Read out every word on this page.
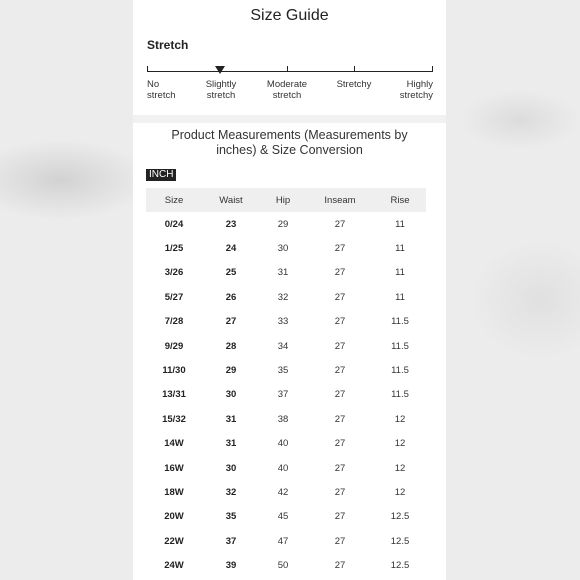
Size Guide
Stretch
No
stretch
Slightly
stretch
Moderate
stretch
Stretchy	Highly
stretchy
Product Measurements (Measurements by inches) & Size Conversion
INCH
Size	Waist	Hip	Inseam	Rise
0/24	23	29	27	11
1/25	24	30	27	11
3/26	25	31	27	11
5/27	26	32	27	11
7/28	27	33	27	11.5
9/29	28	34	27	11.5
11/30	29	35	27	11.5
13/31	30	37	27	11.5
15/32	31	38	27	12
14W	31	40	27	12
16W	30	40	27	12
18W	32	42	27	12
20W	35	45	27	12.5
22W	37	47	27	12.5
24W	39	50	27	12.5
